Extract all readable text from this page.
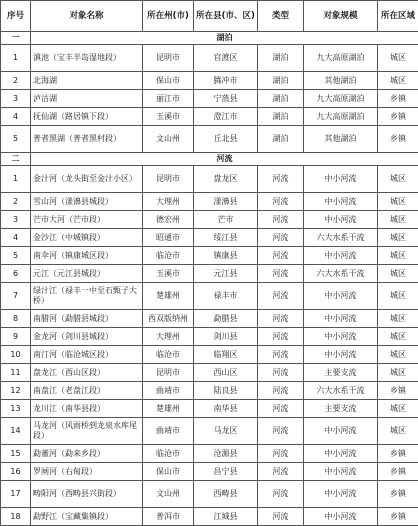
序号	对象名称	所在州(市)	所在县(市、区)	类型	对象规模	所在区域
一	湖泊					
1	滇池（宝丰半岛湿地段）	昆明市	官渡区	湖泊	九大高原湖泊	城区
2	北海湖	保山市	腾冲市	湖泊	其他湖泊	城区
3	泸沽湖	丽江市	宁蒗县	湖泊	九大高原湖泊	乡镇
4	抚仙湖（路居镇下段）	玉溪市	澄江市	湖泊	九大高原湖泊	乡镇
5	普者黑湖（普者黑村段）	文山州	丘北县	湖泊	其他湖泊	乡镇
二	河流					
1	金汁河（龙头街至金汁小区）	昆明市	盘龙区	河流	中小河流	城区
2	雪山河（漾濞县城段）	大理州	漾濞县	河流	中小河流	城区
3	芒市大河（芒市段）	德宏州	芒市	河流	中小河流	城区
4	金沙江（中城镇段）	昭通市	绥江县	河流	六大水系干流	城区
5	南伞河（镇康城区段）	临沧市	镇康县	河流	中小河流	城区
6	元江（元江县城段）	玉溪市	元江县	河流	六大水系干流	城区
7	绿汁江（禄丰一中至石甄子大桥）	楚雄州	禄丰市	河流	中小河流	城区
8	南腊河（勐腊县城段）	西双版纳州	勐腊县	河流	中小河流	城区
9	金龙河（剑川县城段）	大理州	剑川县	河流	中小河流	城区
10	南汀河（临沧城区段）	临沧市	临翔区	河流	中小河流	城区
11	盘龙江（西山区段）	昆明市	西山区	河流	主要支流	城区
12	南盘江（老盘江段）	曲靖市	陆良县	河流	六大水系干流	乡镇
13	龙川江（南华县段）	楚雄州	南华县	河流	主要支流	城区
14	马龙河（风雨桥到龙泉水库尾段）	曲靖市	马龙区	河流	中小河流	城区
15	勐董河（勐来乡段）	临沧市	沧源县	河流	中小河流	乡镇
16	罗闸河（右甸段）	保山市	昌宁县	河流	中小河流	乡镇
17	畴阳河（西畴县兴街段）	文山州	西畴县	河流	中小河流	乡镇
18	勐野江（宝藏集镇段）	普洱市	江城县	河流	中小河流	乡镇
